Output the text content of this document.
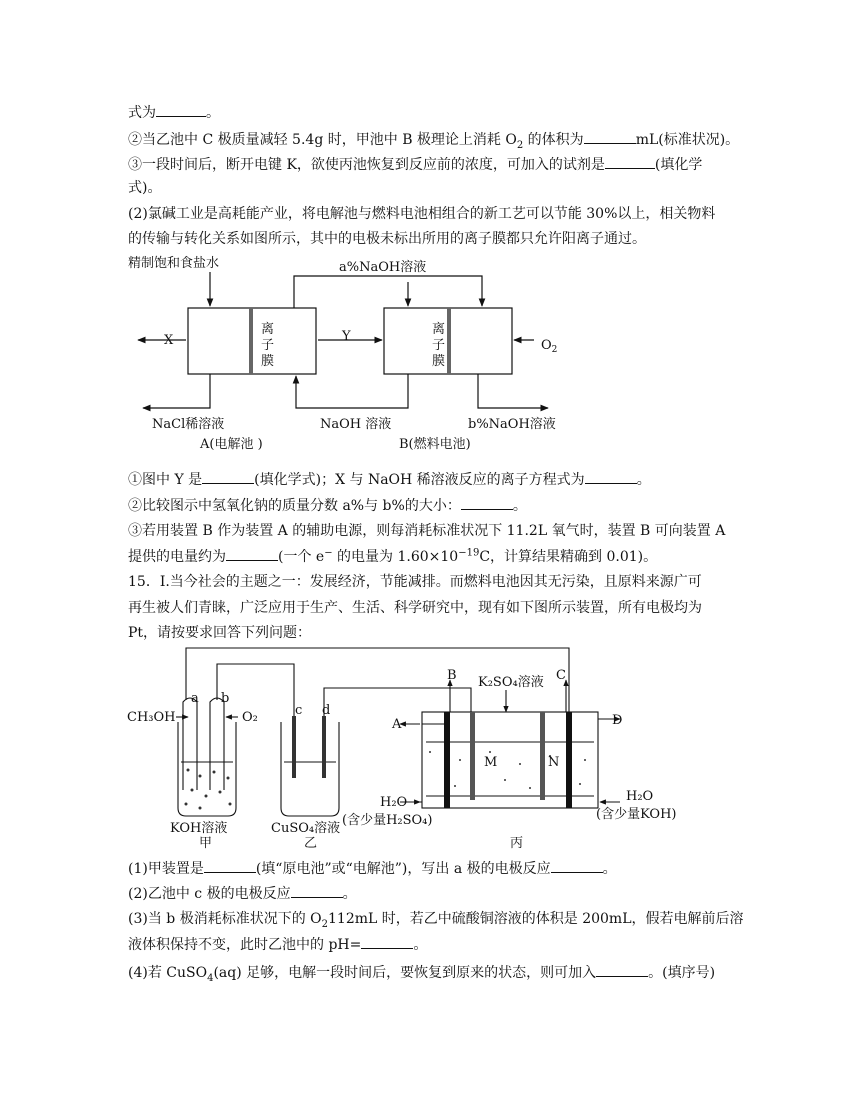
式为	。
②当乙池中 C 极质量减轻 5.4g 时，甲池中 B 极理论上消耗 $O_2$ 的体积为	mL(标准状况)。
③一段时间后，断开电键 K，欲使丙池恢复到反应前的浓度，可加入的试剂是	(填化学
式)。
(2)氯碱工业是高耗能产业，将电解池与燃料电池相组合的新工艺可以节能 30%以上，相关物料
的传输与转化关系如图所示，其中的电极未标出所用的离子膜都只允许阳离子通过。
精制饱和食盐水	a%NaOH溶液
X	Y
$O_2$
离
子
膜
离
子
膜
NaCl稀溶液	NaOH 溶液	b%NaOH溶液
A(电解池 )	B(燃料电池)
①图中 Y 是	(填化学式)；X 与 NaOH 稀溶液反应的离子方程式为	。
②比较图示中氢氧化钠的质量分数 a%与 b%的大小：	。
③若用装置 B 作为装置 A 的辅助电源，则每消耗标准状况下 11.2L 氧气时，装置 B 可向装置 A
提供的电量约为	(一个 e− 的电量为 $1.60\times 10^{-19}C$，计算结果精确到 0.01)。
15．Ⅰ.当今社会的主题之一：发展经济，节能减排。而燃料电池因其无污染，且原料来源广可
再生被人们青睐，广泛应用于生产、生活、科学研究中，现有如下图所示装置，所有电极均为
Pt，请按要求回答下列问题：
CH₃OH
a b
O₂	c d
B	C
K₂SO₄溶液
A	D
M	N
KOH溶液	CuSO₄溶液
H₂O
(含少量H₂SO₄)
H₂O
(含少量KOH)
甲	乙	丙
(1)甲装置是	(填“原电池”或“电解池”)，写出 a 极的电极反应	。
(2)乙池中 c 极的电极反应	。
(3)当 b 极消耗标准状况下的 $O_2112mL$ 时，若乙中硫酸铜溶液的体积是 200mL，假若电解前后溶
液体积保持不变，此时乙池中的 pH=	。
(4)若 CuSO$_4$(aq) 足够，电解一段时间后，要恢复到原来的状态，则可加入	。(填序号)
